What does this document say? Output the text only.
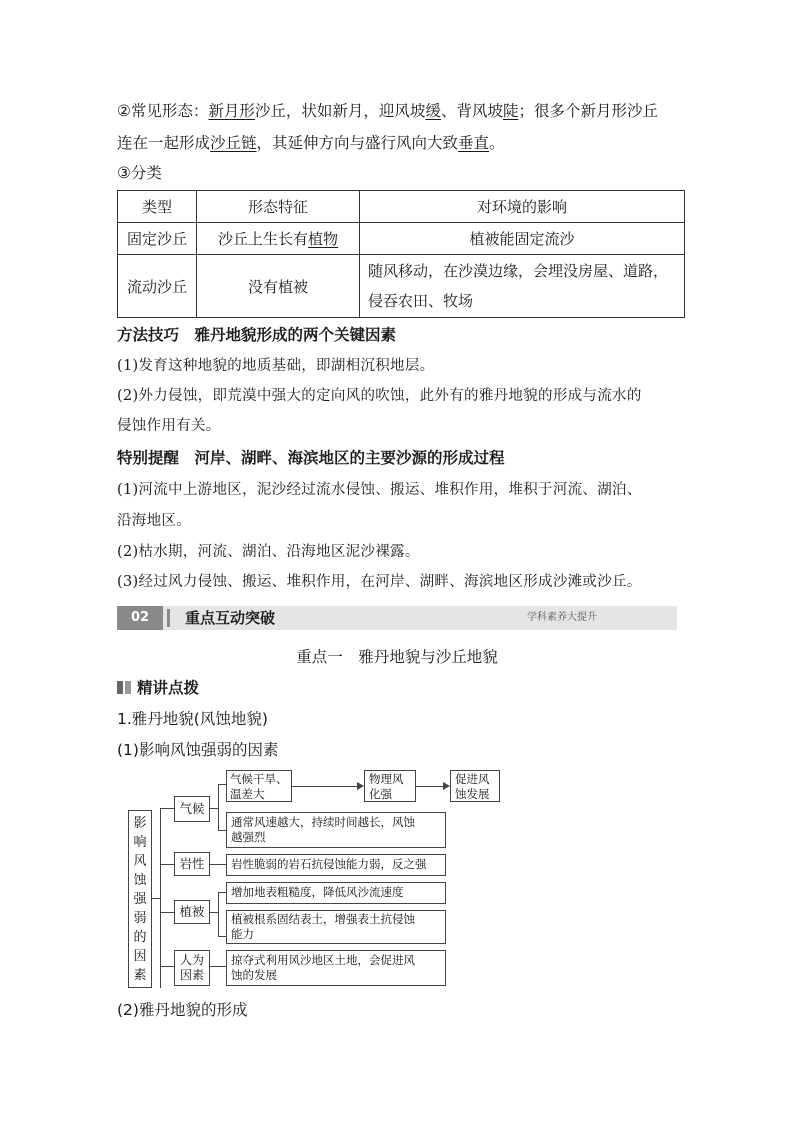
②常见形态：新月形沙丘，状如新月，迎风坡缓、背风坡陡；很多个新月形沙丘
连在一起形成沙丘链，其延伸方向与盛行风向大致垂直。
③分类
类型	形态特征	对环境的影响
固定沙丘	沙丘上生长有植物	植被能固定流沙
流动沙丘	没有植被	随风移动，在沙漠边缘，会埋没房屋、道路，
侵吞农田、牧场
方法技巧　雅丹地貌形成的两个关键因素
(1)发育这种地貌的地质基础，即湖相沉积地层。
(2)外力侵蚀，即荒漠中强大的定向风的吹蚀，此外有的雅丹地貌的形成与流水的
侵蚀作用有关。
特别提醒　河岸、湖畔、海滨地区的主要沙源的形成过程
(1)河流中上游地区，泥沙经过流水侵蚀、搬运、堆积作用，堆积于河流、湖泊、
沿海地区。
(2)枯水期，河流、湖泊、沿海地区泥沙裸露。
(3)经过风力侵蚀、搬运、堆积作用，在河岸、湖畔、海滨地区形成沙滩或沙丘。
02	重点互动突破	学科素养大提升
重点一　雅丹地貌与沙丘地貌
精讲点拨
1.雅丹地貌(风蚀地貌)
(1)影响风蚀强弱的因素
影
响
风
蚀
强
弱
的
因
素
气候
气候干旱、
温差大
物理风
化强
促进风
蚀发展
通常风速越大，持续时间越长，风蚀
越强烈
岩性	岩性脆弱的岩石抗侵蚀能力弱，反之强
植被
增加地表粗糙度，降低风沙流速度
植被根系固结表土，增强表土抗侵蚀
能力
人为
因素
掠夺式利用风沙地区土地，会促进风
蚀的发展
(2)雅丹地貌的形成
